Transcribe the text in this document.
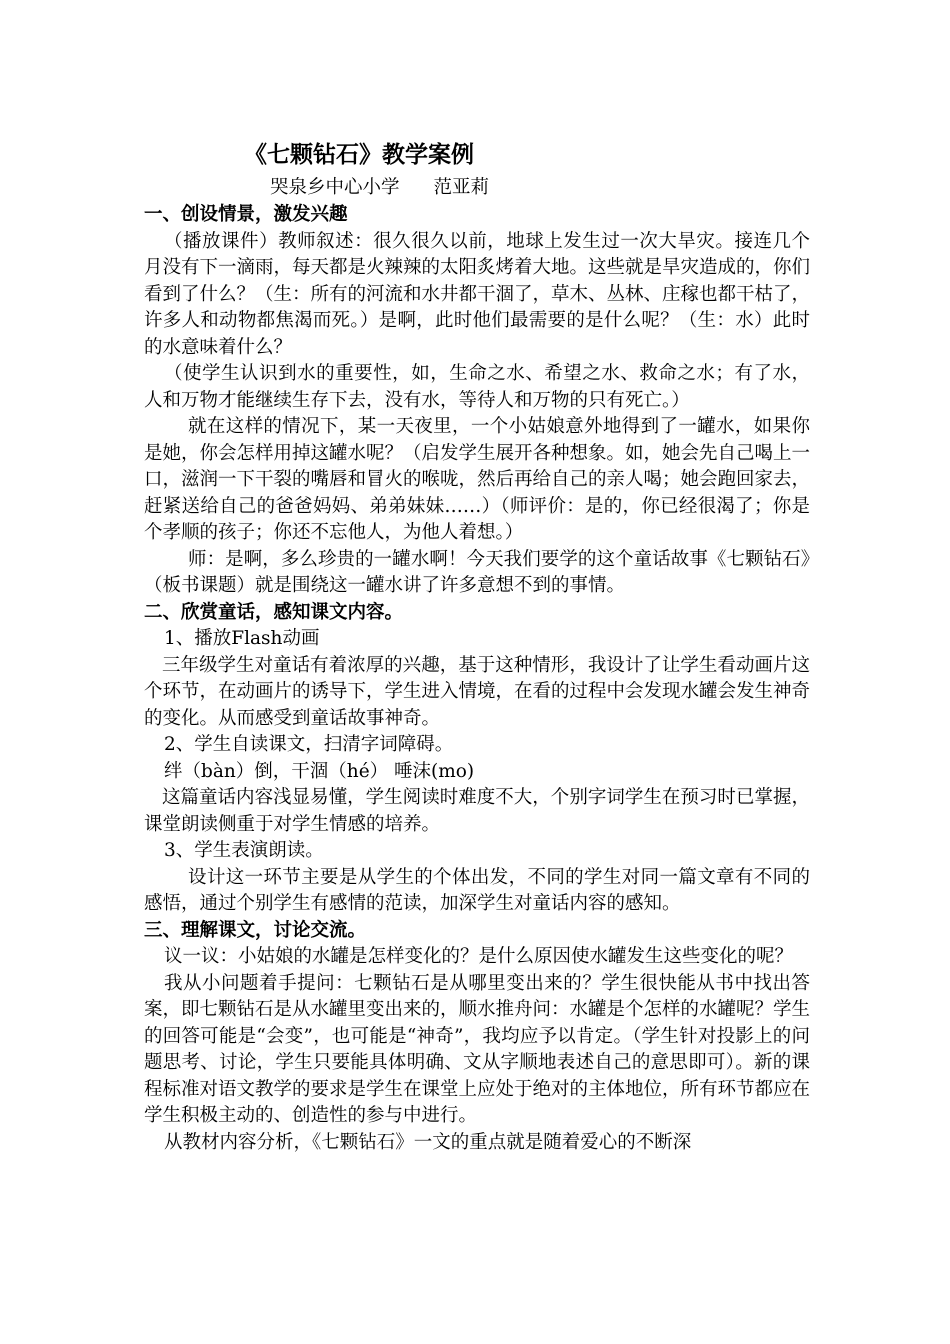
《七颗钻石》教学案例
哭泉乡中心小学 范亚莉
一、创设情景，激发兴趣
（播放课件）教师叙述：很久很久以前，地球上发生过一次大旱灾。接连几个月没有下一滴雨，每天都是火辣辣的太阳炙烤着大地。这些就是旱灾造成的，你们看到了什么？（生：所有的河流和水井都干涸了，草木、丛林、庄稼也都干枯了，许多人和动物都焦渴而死。）是啊，此时他们最需要的是什么呢？（生：水）此时的水意味着什么？
（使学生认识到水的重要性，如，生命之水、希望之水、救命之水；有了水，人和万物才能继续生存下去，没有水，等待人和万物的只有死亡。）
就在这样的情况下，某一天夜里，一个小姑娘意外地得到了一罐水，如果你是她，你会怎样用掉这罐水呢？（启发学生展开各种想象。如，她会先自己喝上一口，滋润一下干裂的嘴唇和冒火的喉咙，然后再给自己的亲人喝；她会跑回家去，赶紧送给自己的爸爸妈妈、弟弟妹妹……）（师评价：是的，你已经很渴了；你是个孝顺的孩子；你还不忘他人，为他人着想。）
师：是啊，多么珍贵的一罐水啊！今天我们要学的这个童话故事《七颗钻石》（板书课题）就是围绕这一罐水讲了许多意想不到的事情。
二、欣赏童话，感知课文内容。
1、播放Flash动画
三年级学生对童话有着浓厚的兴趣，基于这种情形，我设计了让学生看动画片这个环节，在动画片的诱导下，学生进入情境，在看的过程中会发现水罐会发生神奇的变化。从而感受到童话故事神奇。
2、学生自读课文，扫清字词障碍。
绊（bàn）倒，干涸（hé） 唾沫(mo)
这篇童话内容浅显易懂，学生阅读时难度不大，个别字词学生在预习时已掌握，课堂朗读侧重于对学生情感的培养。
3、学生表演朗读。
设计这一环节主要是从学生的个体出发，不同的学生对同一篇文章有不同的感悟，通过个别学生有感情的范读，加深学生对童话内容的感知。
三、理解课文，讨论交流。
议一议：小姑娘的水罐是怎样变化的？是什么原因使水罐发生这些变化的呢？
我从小问题着手提问：七颗钻石是从哪里变出来的？学生很快能从书中找出答案，即七颗钻石是从水罐里变出来的，顺水推舟问：水罐是个怎样的水罐呢？学生的回答可能是“会变”，也可能是“神奇”，我均应予以肯定。（学生针对投影上的问题思考、讨论，学生只要能具体明确、文从字顺地表述自己的意思即可）。新的课程标准对语文教学的要求是学生在课堂上应处于绝对的主体地位，所有环节都应在学生积极主动的、创造性的参与中进行。
从教材内容分析，《七颗钻石》一文的重点就是随着爱心的不断深
